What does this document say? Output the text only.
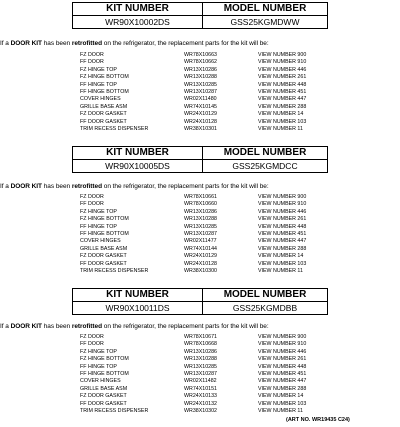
KIT NUMBER	MODEL NUMBER
WR90X10002DS	GSS25KGMDWW
If a DOOR KIT has been retrofitted on the refrigerator, the replacement parts for the kit will be:
FZ DOOR	WR78X10663	VIEW NUMBER 900
FF DOOR	WR78X10662	VIEW NUMBER 910
FZ HINGE TOP	WR13X10286	VIEW NUMBER 446
FZ HINGE BOTTOM	WR13X10288	VIEW NUMBER 261
FF HINGE TOP	WR13X10285	VIEW NUMBER 448
FF HINGE BOTTOM	WR13X10287	VIEW NUMBER 451
COVER HINGES	WR02X11480	VIEW NUMBER 447
GRILLE BASE ASM	WR74X10145	VIEW NUMBER 288
FZ DOOR GASKET	WR24X10129	VIEW NUMBER 14
FF DOOR GASKET	WR24X10128	VIEW NUMBER 103
TRIM RECESS DISPENSER	WR38X10301	VIEW NUMBER 11
KIT NUMBER	MODEL NUMBER
WR90X10005DS	GSS25KGMDCC
If a DOOR KIT has been retrofitted on the refrigerator, the replacement parts for the kit will be:
FZ DOOR	WR78X10661	VIEW NUMBER 900
FF DOOR	WR78X10660	VIEW NUMBER 910
FZ HINGE TOP	WR13X10286	VIEW NUMBER 446
FZ HINGE BOTTOM	WR13X10288	VIEW NUMBER 261
FF HINGE TOP	WR13X10285	VIEW NUMBER 448
FF HINGE BOTTOM	WR13X10287	VIEW NUMBER 451
COVER HINGES	WR02X11477	VIEW NUMBER 447
GRILLE BASE ASM	WR74X10144	VIEW NUMBER 288
FZ DOOR GASKET	WR24X10129	VIEW NUMBER 14
FF DOOR GASKET	WR24X10128	VIEW NUMBER 103
TRIM RECESS DISPENSER	WR38X10300	VIEW NUMBER 11
KIT NUMBER	MODEL NUMBER
WR90X10011DS	GSS25KGMDBB
If a DOOR KIT has been retrofitted on the refrigerator, the replacement parts for the kit will be:
FZ DOOR	WR78X10671	VIEW NUMBER 900
FF DOOR	WR78X10668	VIEW NUMBER 910
FZ HINGE TOP	WR13X10286	VIEW NUMBER 446
FZ HINGE BOTTOM	WR13X10288	VIEW NUMBER 261
FF HINGE TOP	WR13X10285	VIEW NUMBER 448
FF HINGE BOTTOM	WR13X10287	VIEW NUMBER 451
COVER HINGES	WR02X11482	VIEW NUMBER 447
GRILLE BASE ASM	WR74X10151	VIEW NUMBER 288
FZ DOOR GASKET	WR24X10133	VIEW NUMBER 14
FF DOOR GASKET	WR24X10132	VIEW NUMBER 103
TRIM RECESS DISPENSER	WR38X10302	VIEW NUMBER 11
(ART NO. WR19435 C24)
